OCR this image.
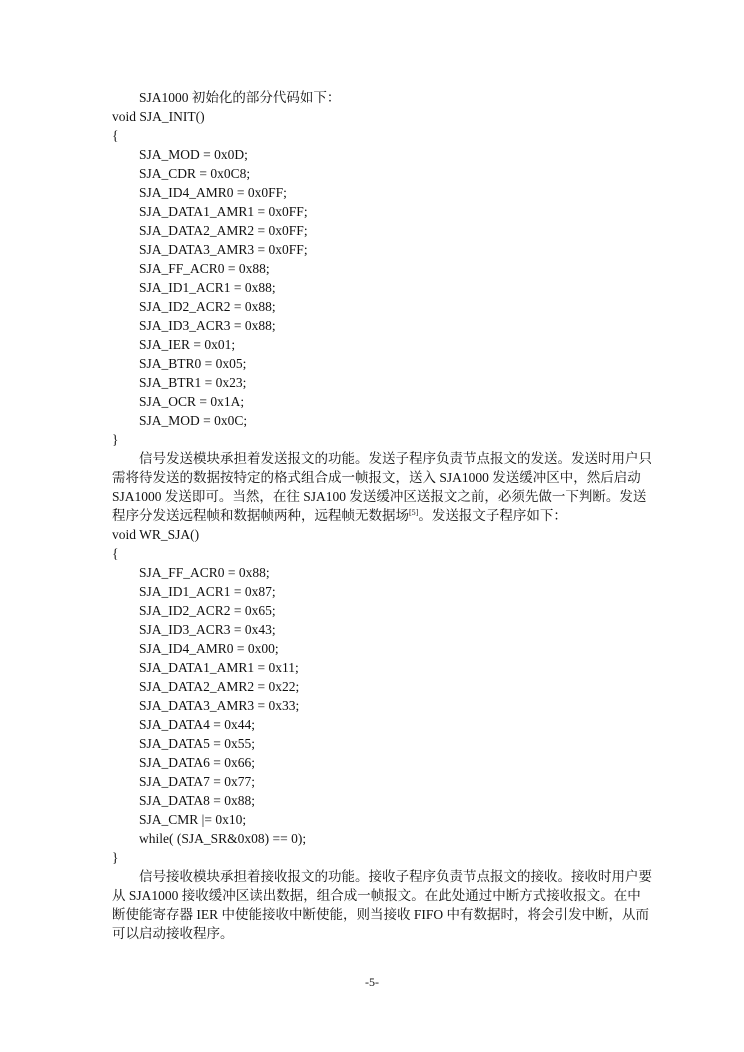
SJA1000 初始化的部分代码如下：
void SJA_INIT()
{
SJA_MOD = 0x0D;
SJA_CDR = 0x0C8;
SJA_ID4_AMR0 = 0x0FF;
SJA_DATA1_AMR1 = 0x0FF;
SJA_DATA2_AMR2 = 0x0FF;
SJA_DATA3_AMR3 = 0x0FF;
SJA_FF_ACR0 = 0x88;
SJA_ID1_ACR1 = 0x88;
SJA_ID2_ACR2 = 0x88;
SJA_ID3_ACR3 = 0x88;
SJA_IER = 0x01;
SJA_BTR0 = 0x05;
SJA_BTR1 = 0x23;
SJA_OCR = 0x1A;
SJA_MOD = 0x0C;
}
信号发送模块承担着发送报文的功能。发送子程序负责节点报文的发送。发送时用户只
需将待发送的数据按特定的格式组合成一帧报文，送入 SJA1000 发送缓冲区中，然后启动
SJA1000 发送即可。当然，在往 SJA100 发送缓冲区送报文之前，必须先做一下判断。发送
程序分发送远程帧和数据帧两种，远程帧无数据场[5]。发送报文子程序如下：
void WR_SJA()
{
SJA_FF_ACR0 = 0x88;
SJA_ID1_ACR1 = 0x87;
SJA_ID2_ACR2 = 0x65;
SJA_ID3_ACR3 = 0x43;
SJA_ID4_AMR0 = 0x00;
SJA_DATA1_AMR1 = 0x11;
SJA_DATA2_AMR2 = 0x22;
SJA_DATA3_AMR3 = 0x33;
SJA_DATA4 = 0x44;
SJA_DATA5 = 0x55;
SJA_DATA6 = 0x66;
SJA_DATA7 = 0x77;
SJA_DATA8 = 0x88;
SJA_CMR |= 0x10;
while( (SJA_SR&0x08) == 0);
}
信号接收模块承担着接收报文的功能。接收子程序负责节点报文的接收。接收时用户要
从 SJA1000 接收缓冲区读出数据，组合成一帧报文。在此处通过中断方式接收报文。在中
断使能寄存器 IER 中使能接收中断使能，则当接收 FIFO 中有数据时，将会引发中断，从而
可以启动接收程序。
-5-
